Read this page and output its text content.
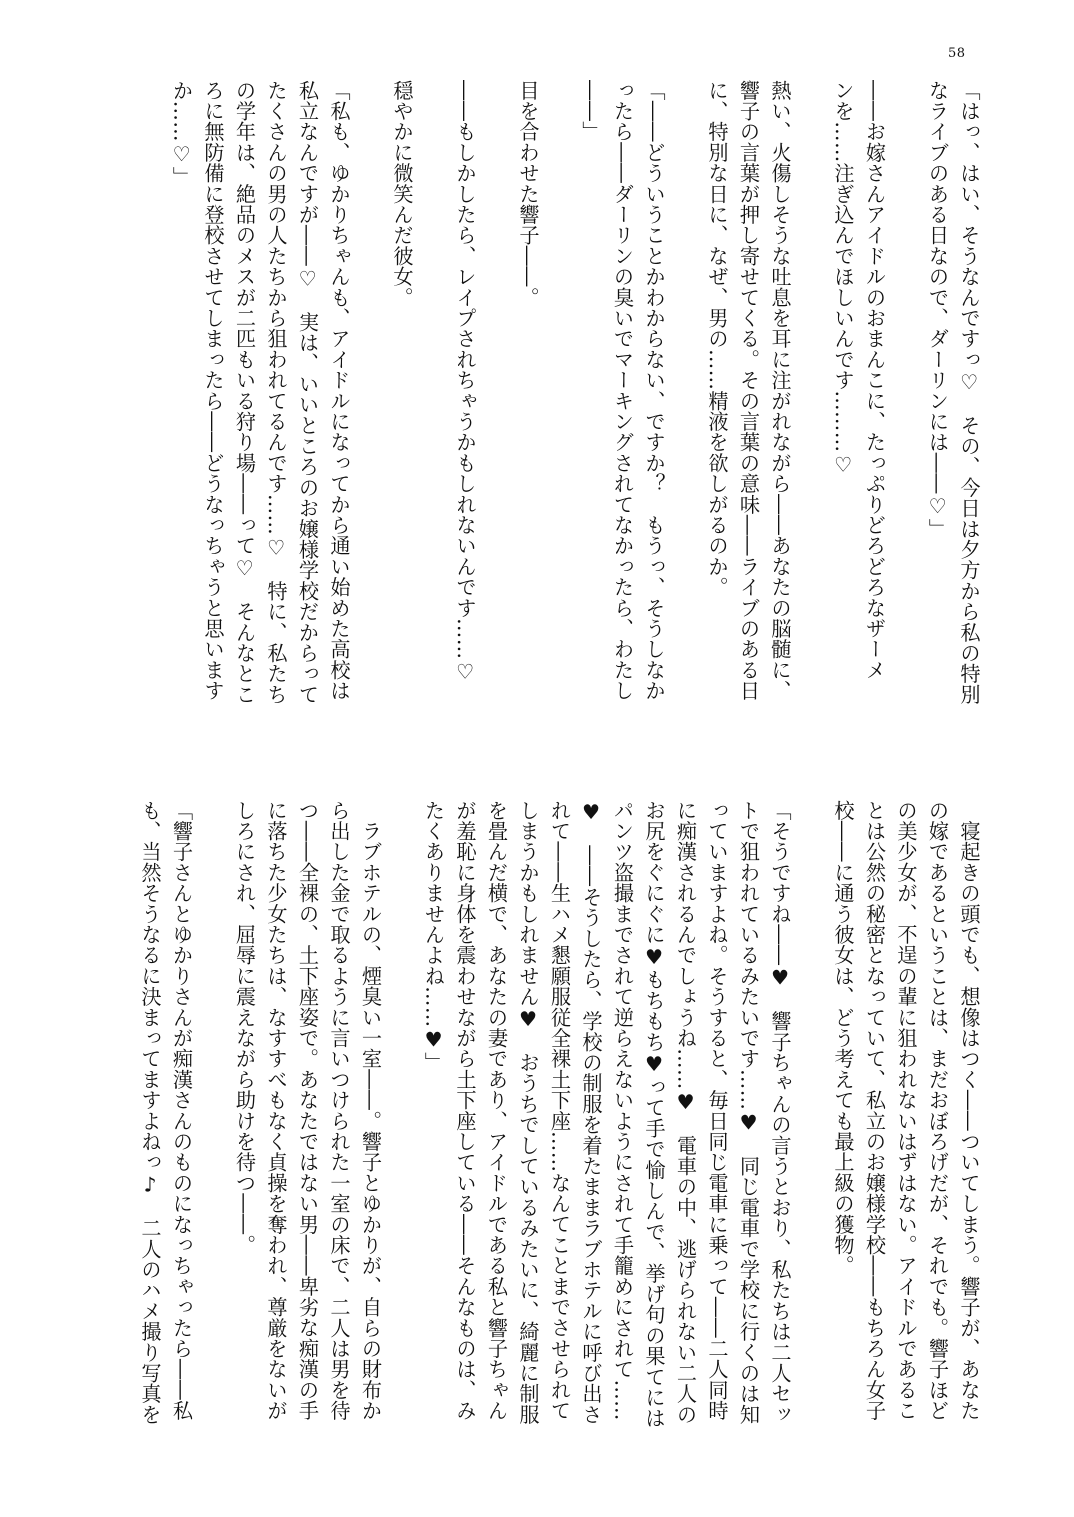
58
「はっ、はい、そうなんですっ♡　その、今日は夕方から私の特別
なライブのある日なので、ダーリンには――♡」
――お嫁さんアイドルのおまんこに、たっぷりどろどろなザーメ
ンを……注ぎ込んでほしいんです………♡
熱い、火傷しそうな吐息を耳に注がれながら――あなたの脳髄に、
響子の言葉が押し寄せてくる。その言葉の意味――ライブのある日
に、特別な日に、なぜ、男の……精液を欲しがるのか。
「――どういうことかわからない、ですか？　もうっ、そうしなか
ったら――ダーリンの臭いでマーキングされてなかったら、わたし
――」
目を合わせた響子――。
――もしかしたら、レイプされちゃうかもしれないんです……♡
穏やかに微笑んだ彼女。
「私も、ゆかりちゃんも、アイドルになってから通い始めた高校は
私立なんですが――♡　実は、いいところのお嬢様学校だからって
たくさんの男の人たちから狙われてるんです……♡　特に、私たち
の学年は、絶品のメスが二匹もいる狩り場――って♡　そんなとこ
ろに無防備に登校させてしまったら――どうなっちゃうと思います
か……♡」
　寝起きの頭でも、想像はつく――ついてしまう。響子が、あなた
の嫁であるということは、まだおぼろげだが、それでも。響子ほど
の美少女が、不逞の輩に狙われないはずはない。アイドルであるこ
とは公然の秘密となっていて、私立のお嬢様学校――もちろん女子
校――に通う彼女は、どう考えても最上級の獲物。
「そうですね――♥　響子ちゃんの言うとおり、私たちは二人セッ
トで狙われているみたいです……♥　同じ電車で学校に行くのは知
っていますよね。そうすると、毎日同じ電車に乗って――二人同時
に痴漢されるんでしょうね……♥　電車の中、逃げられない二人の
お尻をぐにぐに♥もちもち♥って手で愉しんで、挙げ句の果てには
パンツ盗撮までされて逆らえないようにされて手籠めにされて……
♥　――そうしたら、学校の制服を着たままラブホテルに呼び出さ
れて――生ハメ懇願服従全裸土下座……なんてことまでさせられて
しまうかもしれません♥　おうちでしているみたいに、綺麗に制服
を畳んだ横で、あなたの妻であり、アイドルである私と響子ちゃん
が羞恥に身体を震わせながら土下座している――そんなものは、み
たくありませんよね……♥」
　ラブホテルの、煙臭い一室――。響子とゆかりが、自らの財布か
ら出した金で取るように言いつけられた一室の床で、二人は男を待
つ――全裸の、土下座姿で。あなたではない男――卑劣な痴漢の手
に落ちた少女たちは、なすすべもなく貞操を奪われ、尊厳をないが
しろにされ、屈辱に震えながら助けを待つ――。
「響子さんとゆかりさんが痴漢さんのものになっちゃったら――私
も、当然そうなるに決まってますよねっ♪　二人のハメ撮り写真を
